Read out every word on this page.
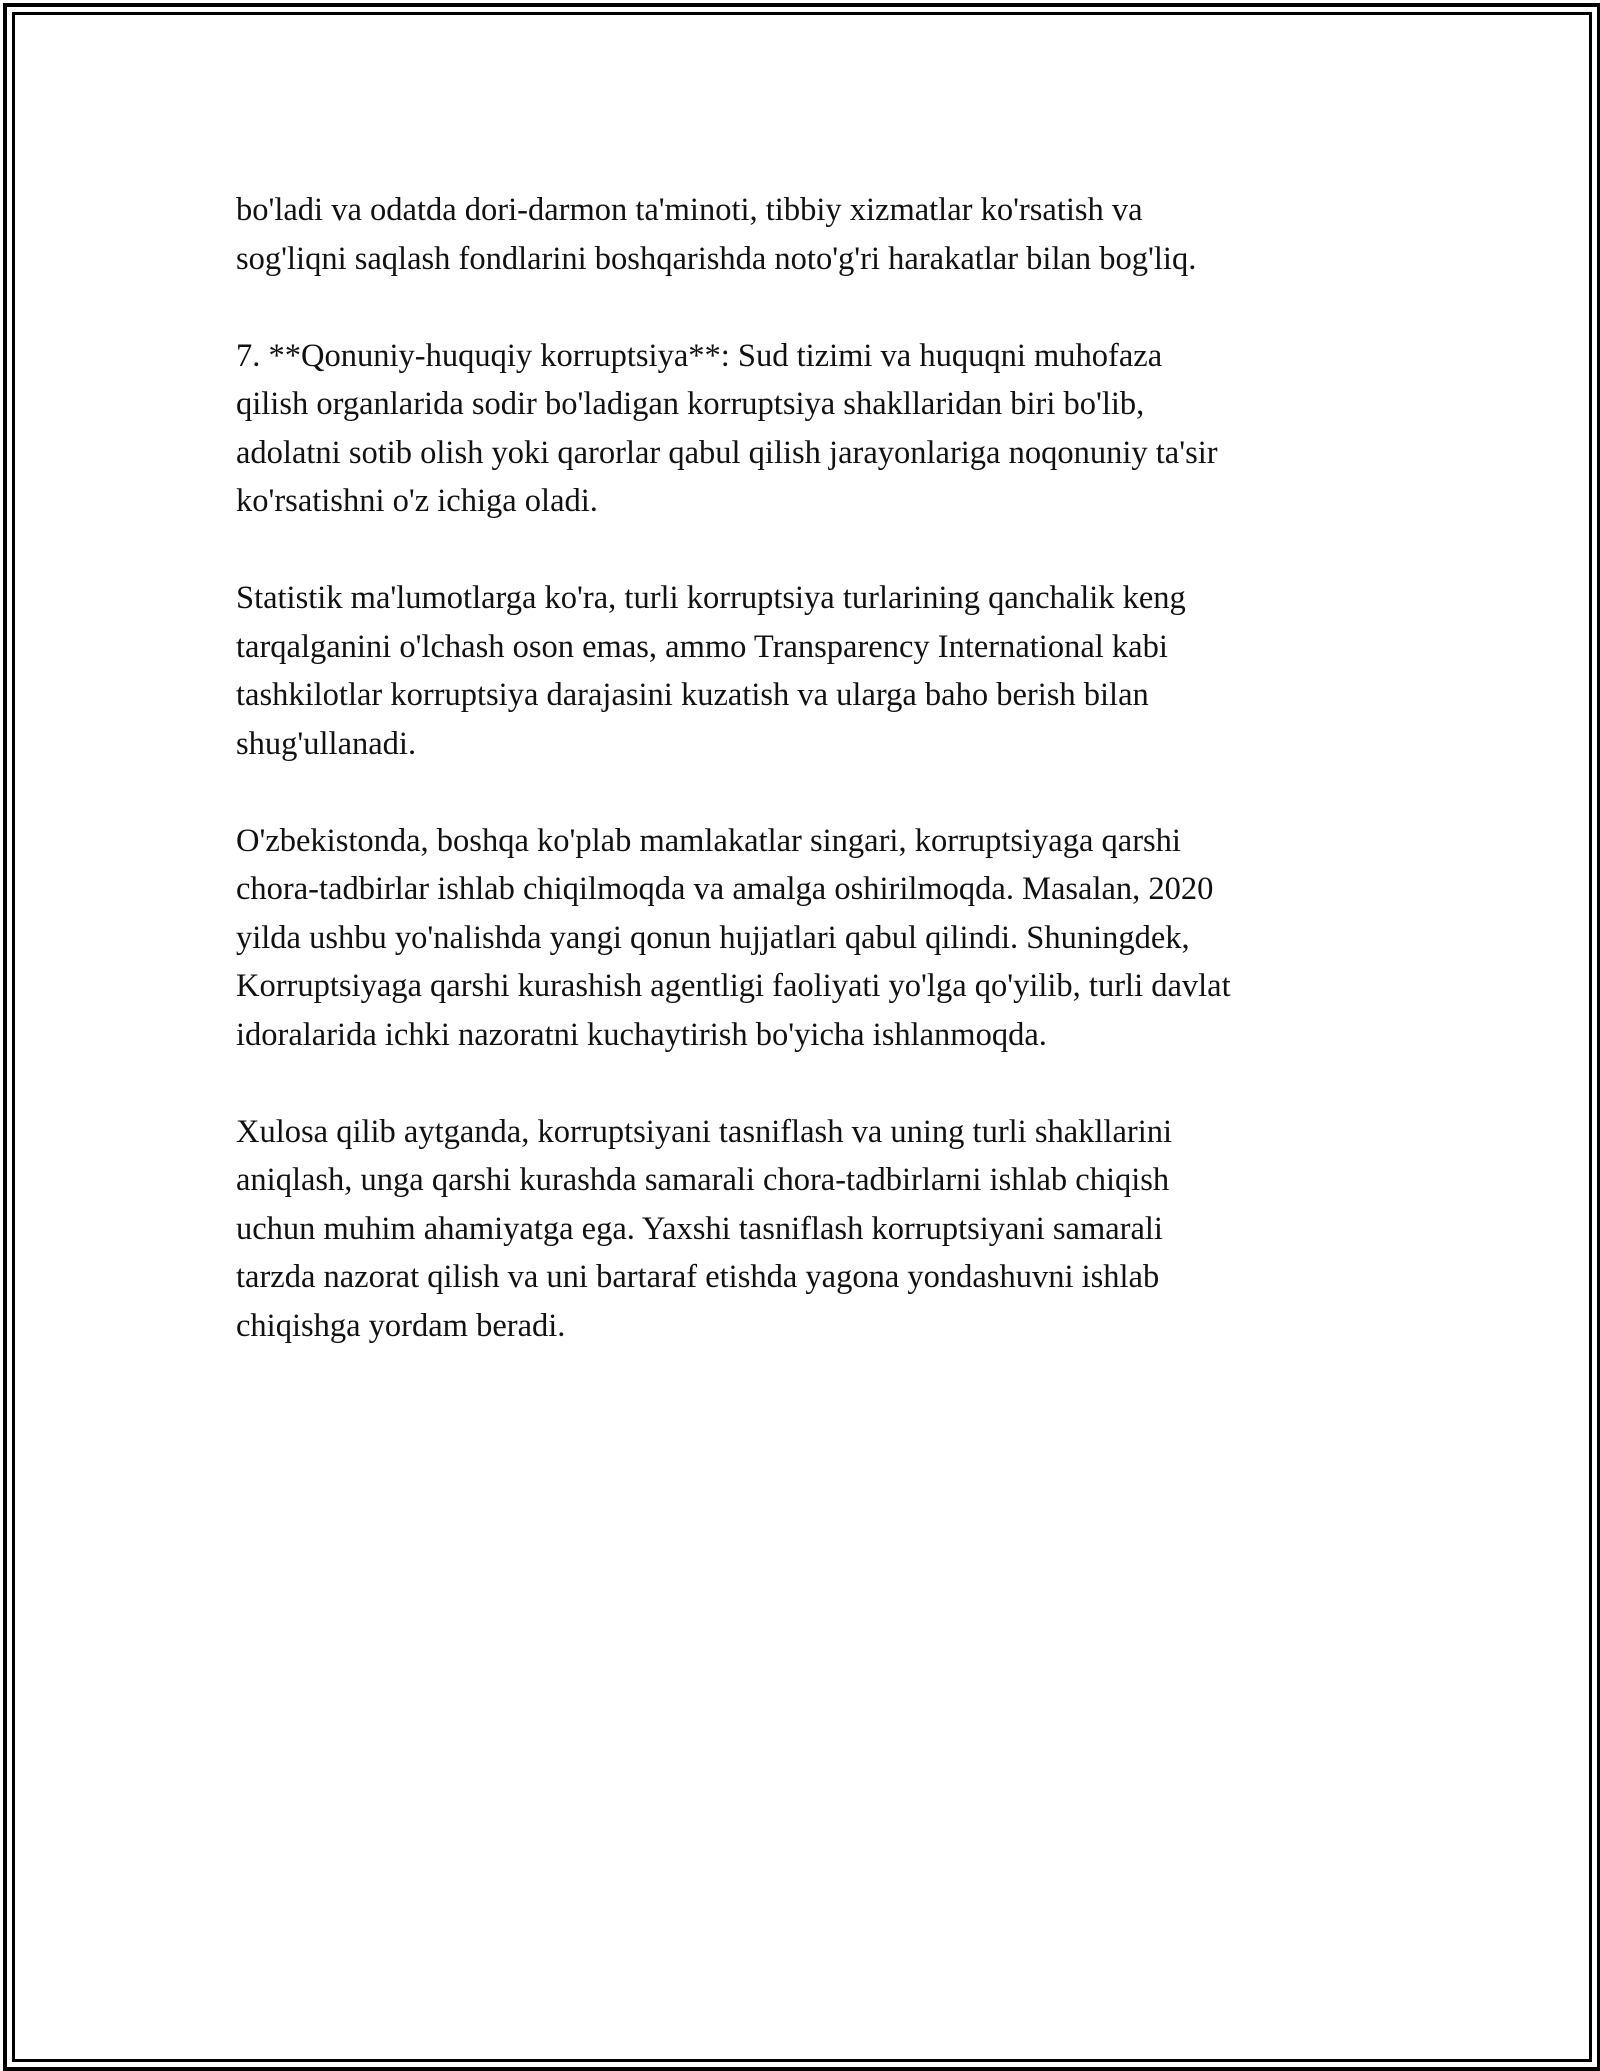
bo'ladi va odatda dori-darmon ta'minoti, tibbiy xizmatlar ko'rsatish va
sog'liqni saqlash fondlarini boshqarishda noto'g'ri harakatlar bilan bog'liq.

7. **Qonuniy-huquqiy korruptsiya**: Sud tizimi va huquqni muhofaza
qilish organlarida sodir bo'ladigan korruptsiya shakllaridan biri bo'lib,
adolatni sotib olish yoki qarorlar qabul qilish jarayonlariga noqonuniy ta'sir
ko'rsatishni o'z ichiga oladi.

Statistik ma'lumotlarga ko'ra, turli korruptsiya turlarining qanchalik keng
tarqalganini o'lchash oson emas, ammo Transparency International kabi
tashkilotlar korruptsiya darajasini kuzatish va ularga baho berish bilan
shug'ullanadi.

O'zbekistonda, boshqa ko'plab mamlakatlar singari, korruptsiyaga qarshi
chora-tadbirlar ishlab chiqilmoqda va amalga oshirilmoqda. Masalan, 2020
yilda ushbu yo'nalishda yangi qonun hujjatlari qabul qilindi. Shuningdek,
Korruptsiyaga qarshi kurashish agentligi faoliyati yo'lga qo'yilib, turli davlat
idoralarida ichki nazoratni kuchaytirish bo'yicha ishlanmoqda.

Xulosa qilib aytganda, korruptsiyani tasniflash va uning turli shakllarini
aniqlash, unga qarshi kurashda samarali chora-tadbirlarni ishlab chiqish
uchun muhim ahamiyatga ega. Yaxshi tasniflash korruptsiyani samarali
tarzda nazorat qilish va uni bartaraf etishda yagona yondashuvni ishlab
chiqishga yordam beradi.
